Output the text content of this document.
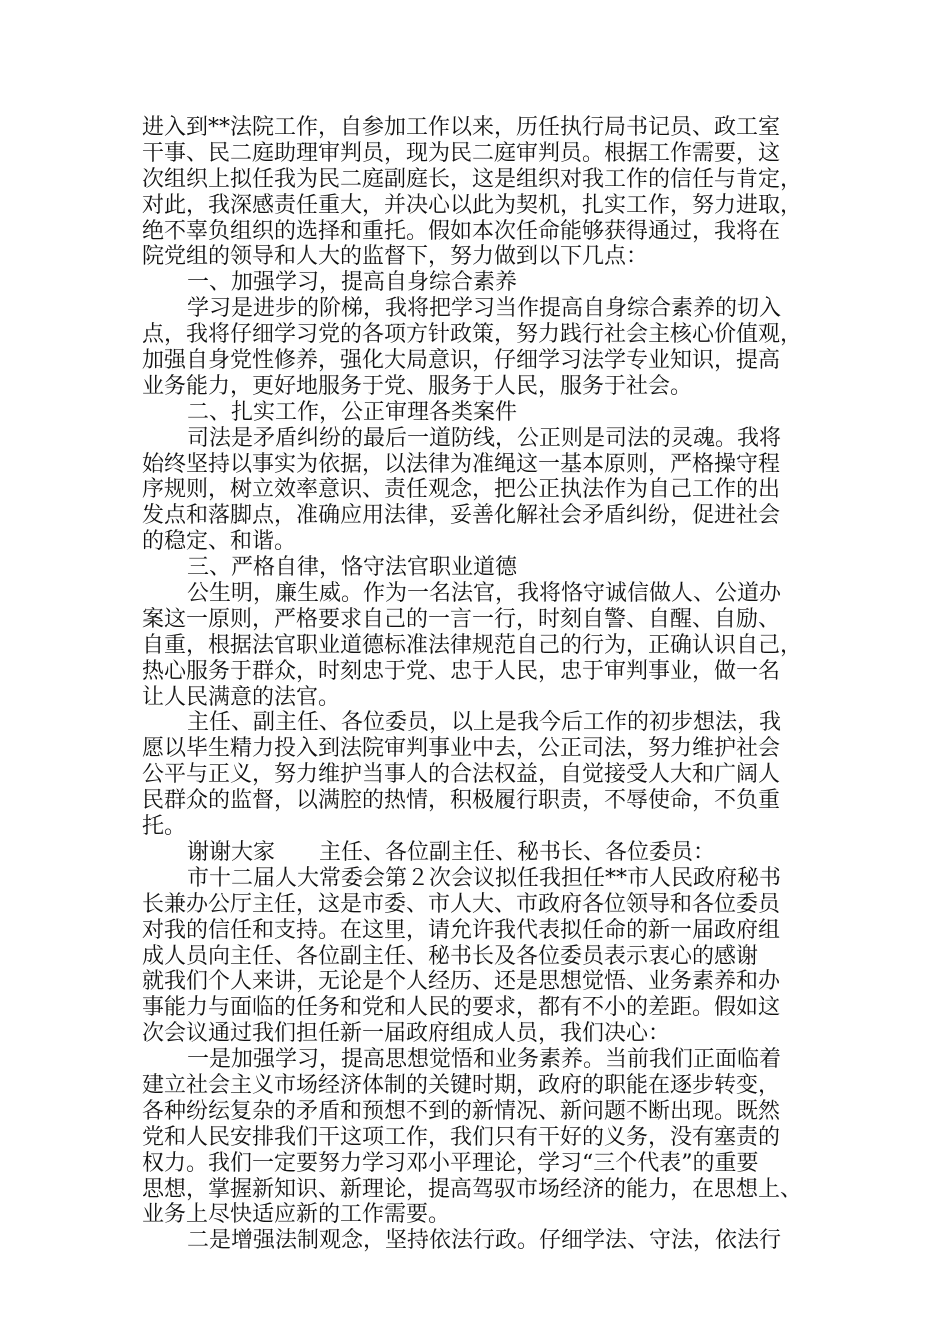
进入到**法院工作，自参加工作以来，历任执行局书记员、政工室
干事、民二庭助理审判员，现为民二庭审判员。根据工作需要，这
次组织上拟任我为民二庭副庭长，这是组织对我工作的信任与肯定，
对此，我深感责任重大，并决心以此为契机，扎实工作，努力进取，
绝不辜负组织的选择和重托。假如本次任命能够获得通过，我将在
院党组的领导和人大的监督下，努力做到以下几点：
一、加强学习，提高自身综合素养
学习是进步的阶梯，我将把学习当作提高自身综合素养的切入
点，我将仔细学习党的各项方针政策，努力践行社会主核心价值观，
加强自身党性修养，强化大局意识，仔细学习法学专业知识，提高
业务能力，更好地服务于党、服务于人民，服务于社会。
二、扎实工作，公正审理各类案件
司法是矛盾纠纷的最后一道防线，公正则是司法的灵魂。我将
始终坚持以事实为依据，以法律为准绳这一基本原则，严格操守程
序规则，树立效率意识、责任观念，把公正执法作为自己工作的出
发点和落脚点，准确应用法律，妥善化解社会矛盾纠纷，促进社会
的稳定、和谐。
三、严格自律，恪守法官职业道德
公生明，廉生威。作为一名法官，我将恪守诚信做人、公道办
案这一原则，严格要求自己的一言一行，时刻自警、自醒、自励、
自重，根据法官职业道德标准法律规范自己的行为，正确认识自己，
热心服务于群众，时刻忠于党、忠于人民，忠于审判事业，做一名
让人民满意的法官。
主任、副主任、各位委员，以上是我今后工作的初步想法，我
愿以毕生精力投入到法院审判事业中去，公正司法，努力维护社会
公平与正义，努力维护当事人的合法权益，自觉接受人大和广阔人
民群众的监督，以满腔的热情，积极履行职责，不辱使命，不负重
托。
谢谢大家　　主任、各位副主任、秘书长、各位委员：
市十二届人大常委会第２次会议拟任我担任**市人民政府秘书
长兼办公厅主任，这是市委、市人大、市政府各位领导和各位委员
对我的信任和支持。在这里，请允许我代表拟任命的新一届政府组
成人员向主任、各位副主任、秘书长及各位委员表示衷心的感谢
就我们个人来讲，无论是个人经历、还是思想觉悟、业务素养和办
事能力与面临的任务和党和人民的要求，都有不小的差距。假如这
次会议通过我们担任新一届政府组成人员，我们决心：
一是加强学习，提高思想觉悟和业务素养。当前我们正面临着
建立社会主义市场经济体制的关键时期，政府的职能在逐步转变，
各种纷纭复杂的矛盾和预想不到的新情况、新问题不断出现。既然
党和人民安排我们干这项工作，我们只有干好的义务，没有塞责的
权力。我们一定要努力学习邓小平理论，学习“三个代表”的重要
思想，掌握新知识、新理论，提高驾驭市场经济的能力，在思想上、
业务上尽快适应新的工作需要。
二是增强法制观念，坚持依法行政。仔细学法、守法，依法行
